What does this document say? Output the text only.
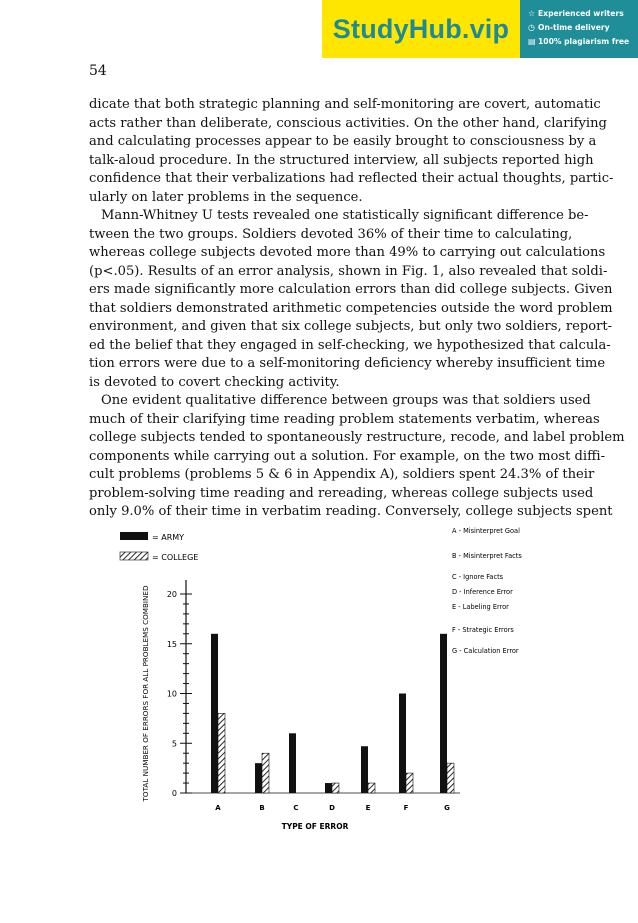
StudyHub.vip
☆ Experienced writers
◷ On-time delivery
▤ 100% plagiarism free
54

dicate that both strategic planning and self-monitoring are covert, automatic
acts rather than deliberate, conscious activities. On the other hand, clarifying
and calculating processes appear to be easily brought to consciousness by a
talk-aloud procedure. In the structured interview, all subjects reported high
confidence that their verbalizations had reflected their actual thoughts, partic-
ularly on later problems in the sequence.

Mann-Whitney U tests revealed one statistically significant difference be-
tween the two groups. Soldiers devoted 36% of their time to calculating,
whereas college subjects devoted more than 49% to carrying out calculations
(p<.05). Results of an error analysis, shown in Fig. 1, also revealed that soldi-
ers made significantly more calculation errors than did college subjects. Given
that soldiers demonstrated arithmetic competencies outside the word problem
environment, and given that six college subjects, but only two soldiers, report-
ed the belief that they engaged in self-checking, we hypothesized that calcula-
tion errors were due to a self-monitoring deficiency whereby insufficient time
is devoted to covert checking activity.

One evident qualitative difference between groups was that soldiers used
much of their clarifying time reading problem statements verbatim, whereas
college subjects tended to spontaneously restructure, recode, and label problem
components while carrying out a solution. For example, on the two most diffi-
cult problems (problems 5 & 6 in Appendix A), soldiers spent 24.3% of their
problem-solving time reading and rereading, whereas college subjects used
only 9.0% of their time in verbatim reading. Conversely, college subjects spent

= ARMY
= COLLEGE
0
5
10
15
20
TOTAL NUMBER OF ERRORS FOR ALL PROBLEMS COMBINED
A	B	C	D	E	F	G
TYPE OF ERROR
A - Misinterpret Goal
B - Misinterpret Facts
C - Ignore Facts
D - Inference Error
E - Labeling Error
F - Strategic Errors
G - Calculation Error
